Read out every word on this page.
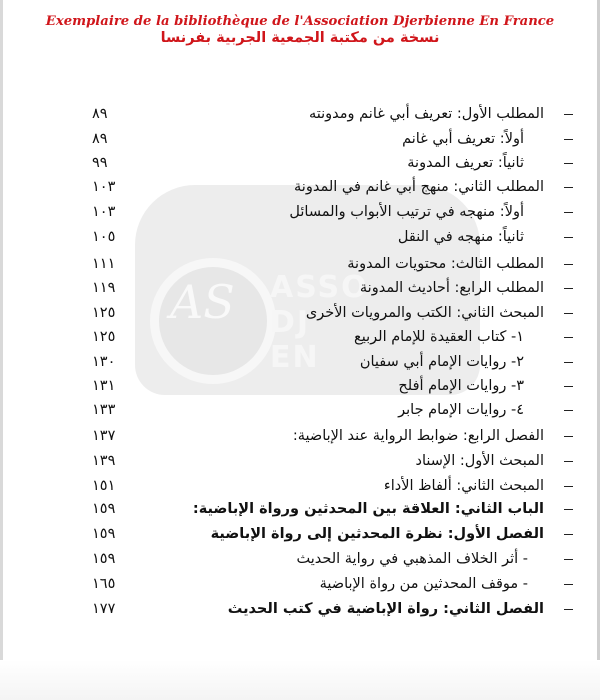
Exemplaire de la bibliothèque de l'Association Djerbienne En France
نسخة من مكتبة الجمعية الجربية بفرنسا
AS ASSO
DJ
EN
المطلب الأول: تعريف أبي غانم ومدونته
٨٩
أولاً: تعريف أبي غانم
٨٩
ثانياً: تعريف المدونة
٩٩
المطلب الثاني: منهج أبي غانم في المدونة
١٠٣
أولاً: منهجه في ترتيب الأبواب والمسائل
١٠٣
ثانياً: منهجه في النقل
١٠٥
المطلب الثالث: محتويات المدونة
١١١
المطلب الرابع: أحاديث المدونة
١١٩
المبحث الثاني: الكتب والمرويات الأخرى
١٢٥
١- كتاب العقيدة للإمام الربيع
١٢٥
٢- روايات الإمام أبي سفيان
١٣٠
٣- روايات الإمام أفلح
١٣١
٤- روايات الإمام جابر
١٣٣
الفصل الرابع: ضوابط الرواية عند الإباضية:
١٣٧
المبحث الأول: الإسناد
١٣٩
المبحث الثاني: ألفاظ الأداء
١٥١
الباب الثاني: العلاقة بين المحدثين ورواة الإباضية:
١٥٩
الفصل الأول: نظرة المحدثين إلى رواة الإباضية
١٥٩
- أثر الخلاف المذهبي في رواية الحديث
١٥٩
- موقف المحدثين من رواة الإباضية
١٦٥
الفصل الثاني: رواة الإباضية في كتب الحديث
١٧٧
